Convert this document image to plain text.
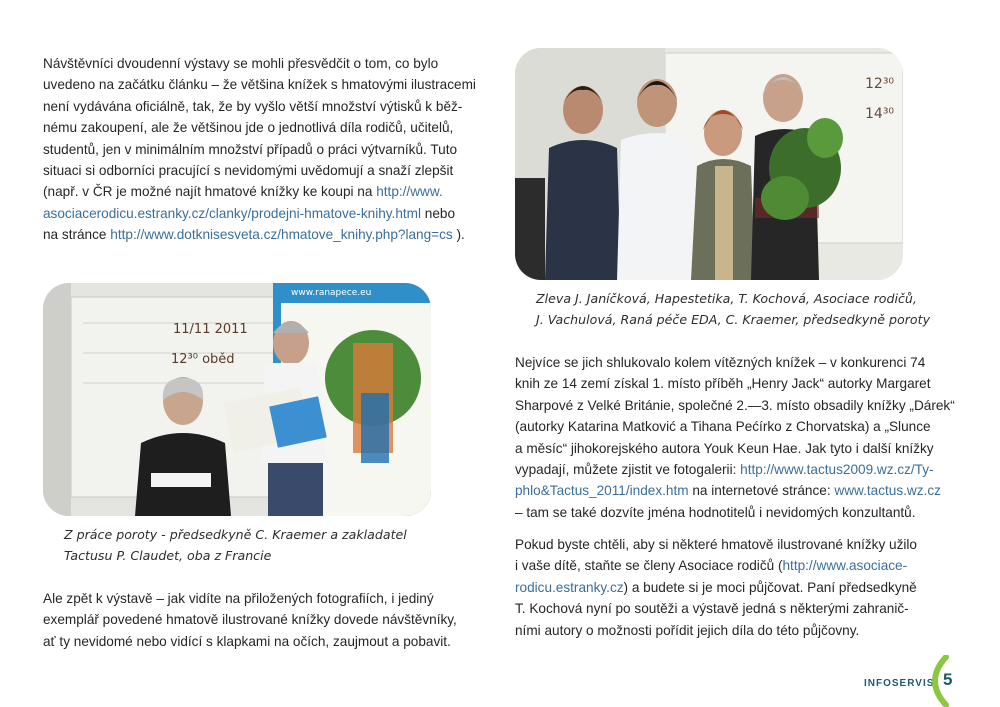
Návštěvníci dvoudenní výstavy se mohli přesvědčit o tom, co bylo
uvedeno na začátku článku – že většina knížek s hmatovými ilustracemi
není vydávána oficiálně, tak, že by vyšlo větší množství výtisků k běž-
nému zakoupení, ale že většinou jde o jednotlivá díla rodičů, učitelů,
studentů, jen v minimálním množství případů o práci výtvarníků. Tuto
situaci si odborníci pracující s nevidomými uvědomují a snaží zlepšit
(např. v ČR je možné najít hmatové knížky ke koupi na http://www.
asociacerodicu.estranky.cz/clanky/prodejni-hmatove-knihy.html nebo
na stránce http://www.dotknisesveta.cz/hmatove_knihy.php?lang=cs ).
11/11 2011
12³⁰ oběd
www.ranapece.eu
Z práce poroty - předsedkyně C. Kraemer a zakladatel
Tactusu P. Claudet, oba z Francie
Ale zpět k výstavě – jak vidíte na přiložených fotografiích, i jediný
exemplář povedené hmatově ilustrované knížky dovede návštěvníky,
ať ty nevidomé nebo vidící s klapkami na očích, zaujmout a pobavit.
12³⁰
14³⁰
Zleva J. Janíčková, Hapestetika, T. Kochová, Asociace rodičů,
J. Vachulová, Raná péče EDA, C. Kraemer, předsedkyně poroty
Nejvíce se jich shlukovalo kolem vítězných knížek – v konkurenci 74
knih ze 14 zemí získal 1. místo příběh „Henry Jack“ autorky Margaret
Sharpové z Velké Británie, společné 2.—3. místo obsadily knížky „Dárek“
(autorky Katarina Matković a Tihana Pećírko z Chorvatska) a „Slunce
a měsíc“ jihokorejského autora Youk Keun Hae. Jak tyto i další knížky
vypadají, můžete zjistit ve fotogalerii: http://www.tactus2009.wz.cz/Ty-
phlo&Tactus_2011/index.htm na internetové stránce: www.tactus.wz.cz
– tam se také dozvíte jména hodnotitelů i nevidomých konzultantů.
Pokud byste chtěli, aby si některé hmatově ilustrované knížky užilo
i vaše dítě, staňte se členy Asociace rodičů (http://www.asociace-
rodicu.estranky.cz) a budete si je moci půjčovat. Paní předsedkyně
T. Kochová nyní po soutěži a výstavě jedná s některými zahranič-
ními autory o možnosti pořídit jejich díla do této půjčovny.
INFOSERVIS 5
